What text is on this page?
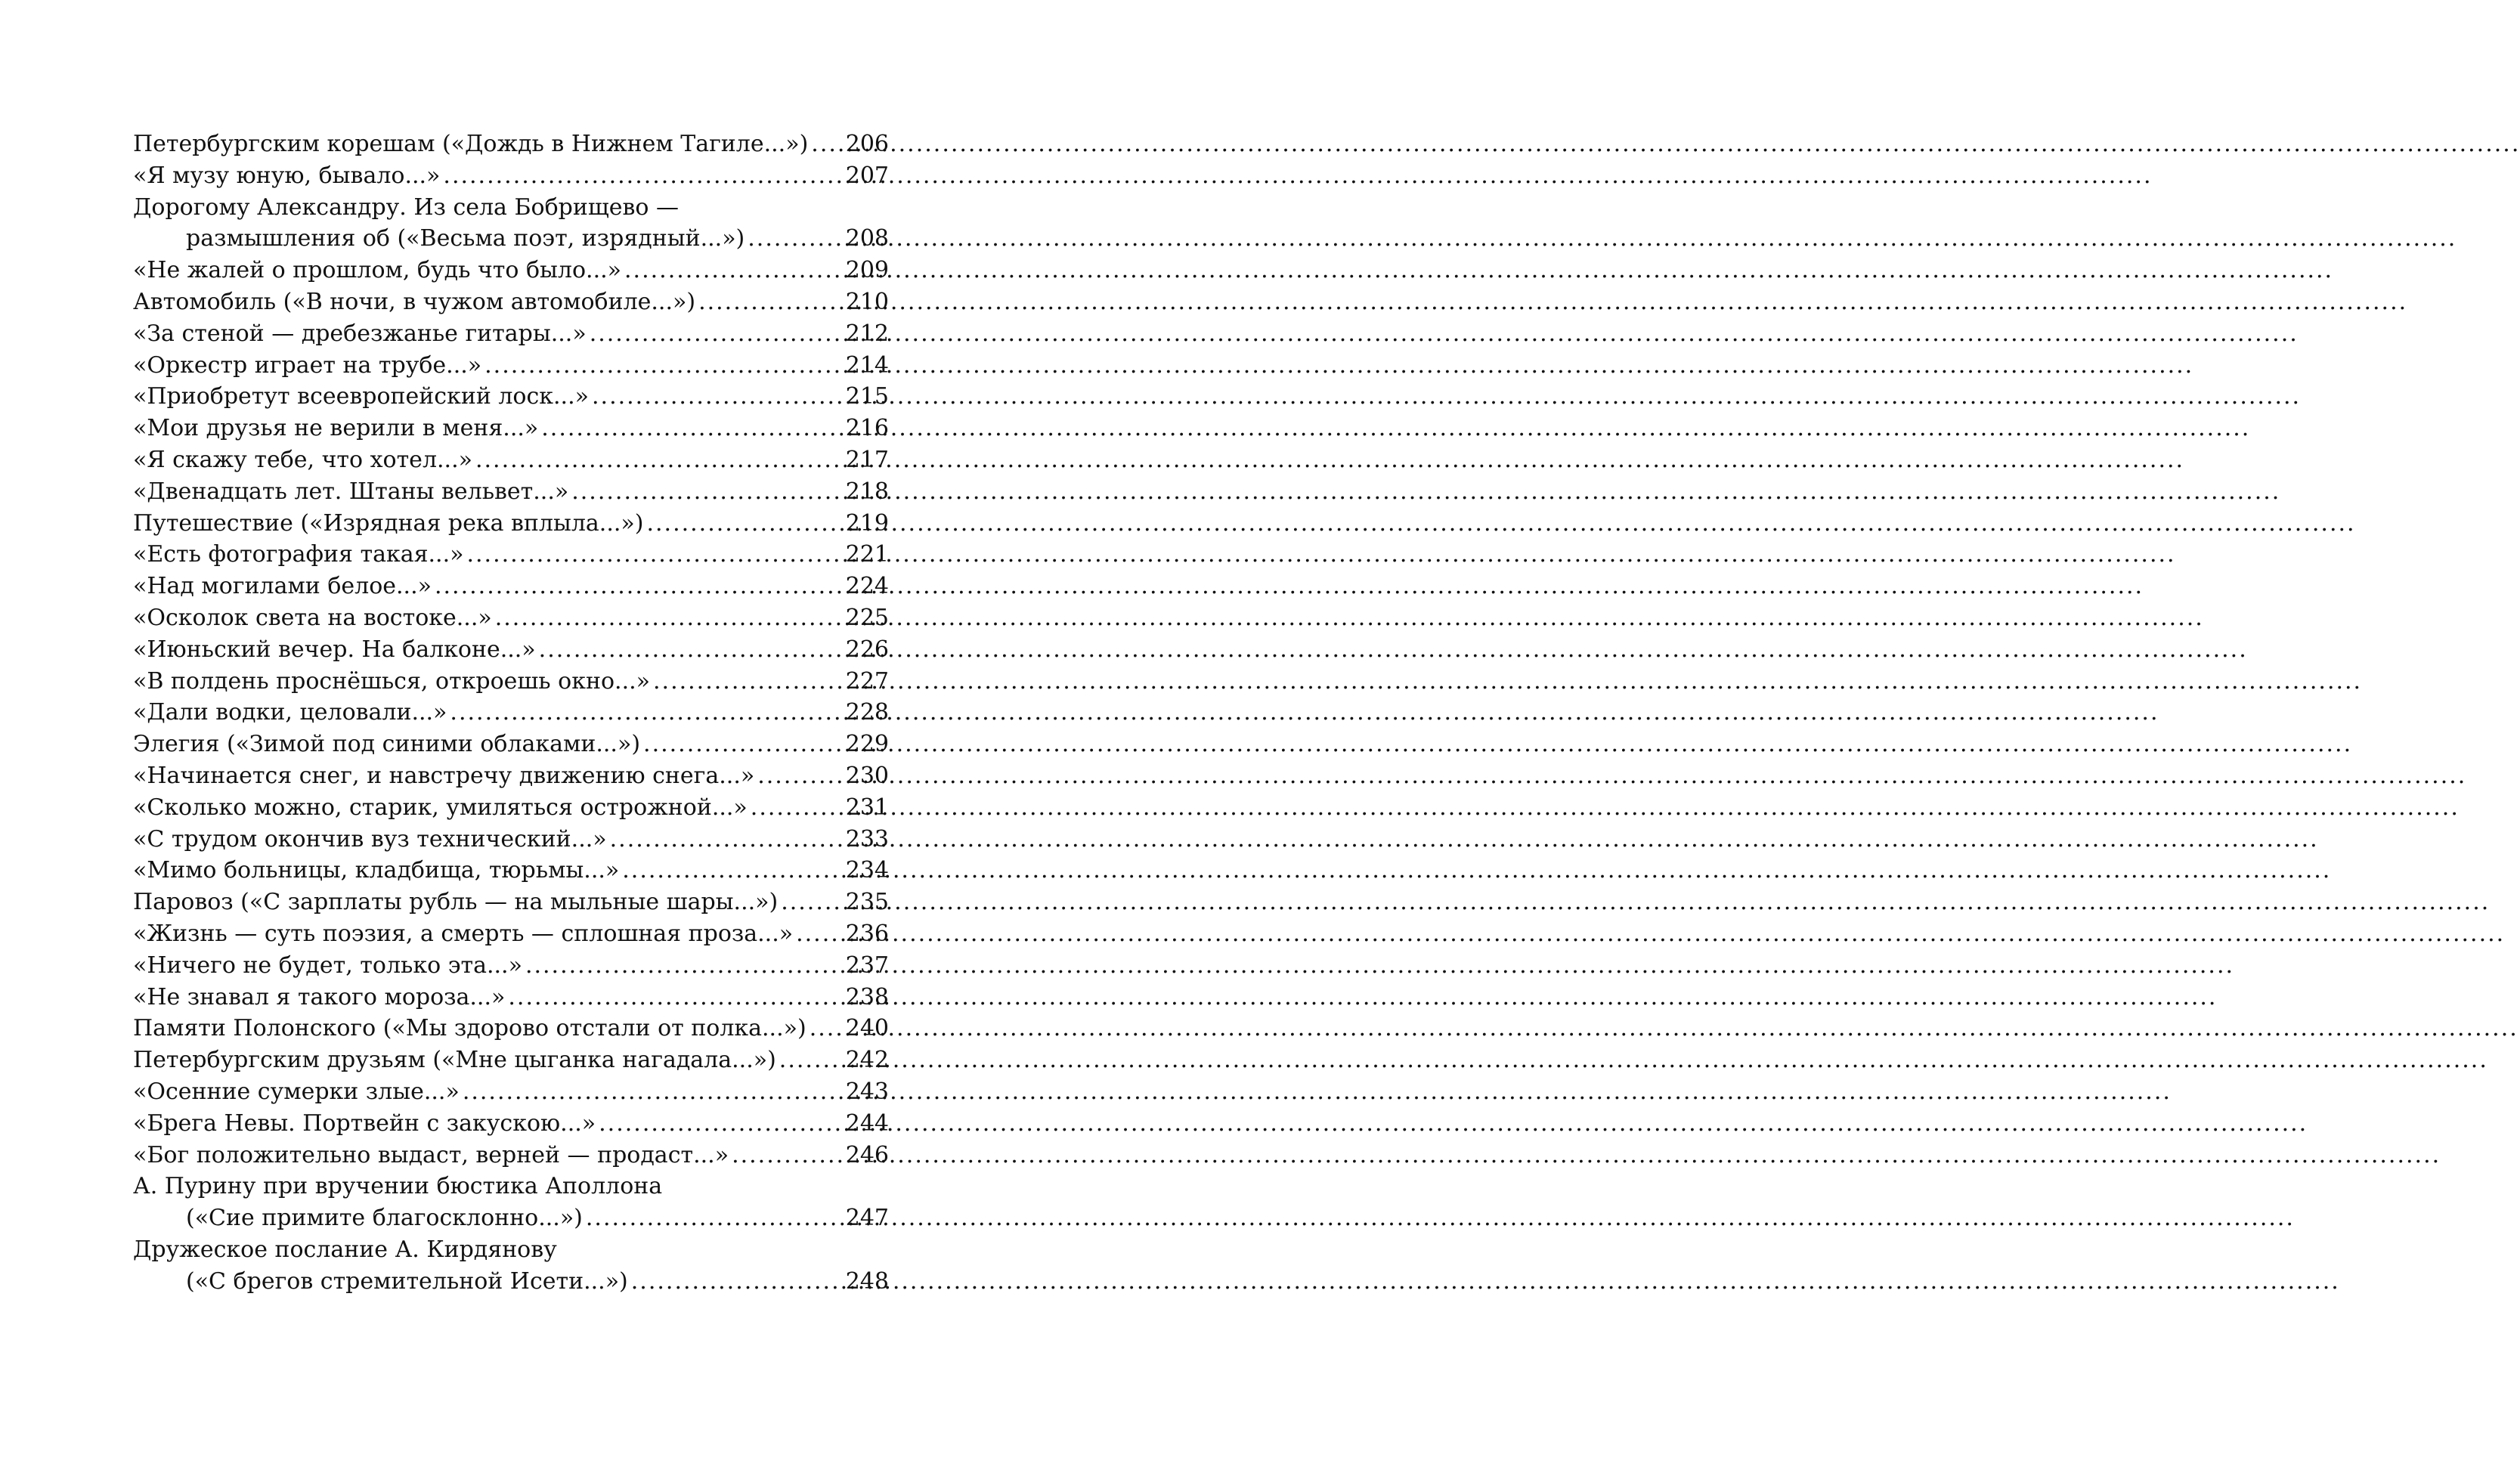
Петербургским корешам («Дождь в Нижнем Тагиле...») ..... 206
«Я музу юную, бывало...» .....	207
Дорогому Александру. Из села Бобрищево —
размышления об («Весьма поэт, изрядный...») .....	208
«Не жалей о прошлом, будь что было...» .....	209
Автомобиль («В ночи, в чужом автомобиле...») .....	210
«За стеной — дребезжанье гитары...» .....	212
«Оркестр играет на трубе...» .....	214
«Приобретут всеевропейский лоск...» .....	215
«Мои друзья не верили в меня...» .....	216
«Я скажу тебе, что хотел...» .....	217
«Двенадцать лет. Штаны вельвет...» .....	218
Путешествие («Изрядная река вплыла...») .....	219
«Есть фотография такая...» .....	221
«Над могилами белое...» .....	224
«Осколок света на востоке...» .....	225
«Июньский вечер. На балконе...» .....	226
«В полдень проснёшься, откроешь окно...» .....	227
«Дали водки, целовали...» .....	228
Элегия («Зимой под синими облаками...») .....	229
«Начинается снег, и навстречу движению снега...» .....	230
«Сколько можно, старик, умиляться острожной...» .....	231
«С трудом окончив вуз технический...» .....	233
«Мимо больницы, кладбища, тюрьмы...» .....	234
Паровоз («С зарплаты рубль — на мыльные шары...») .....	235
«Жизнь — суть поэзия, а смерть — сплошная проза...» ..... 236
«Ничего не будет, только эта...» .....	237
«Не знавал я такого мороза...» .....	238
Памяти Полонского («Мы здорово отстали от полка...») ..... 240
Петербургским друзьям («Мне цыганка нагадала...») .....	242
«Осенние сумерки злые...» .....	243
«Брега Невы. Портвейн с закускою...» .....	244
«Бог положительно выдаст, верней — продаст...» .....	246
А. Пурину при вручении бюстика Аполлона
(«Сие примите благосклонно...») .....	247
Дружеское послание А. Кирдянову
(«С брегов стремительной Исети...») .....	248
